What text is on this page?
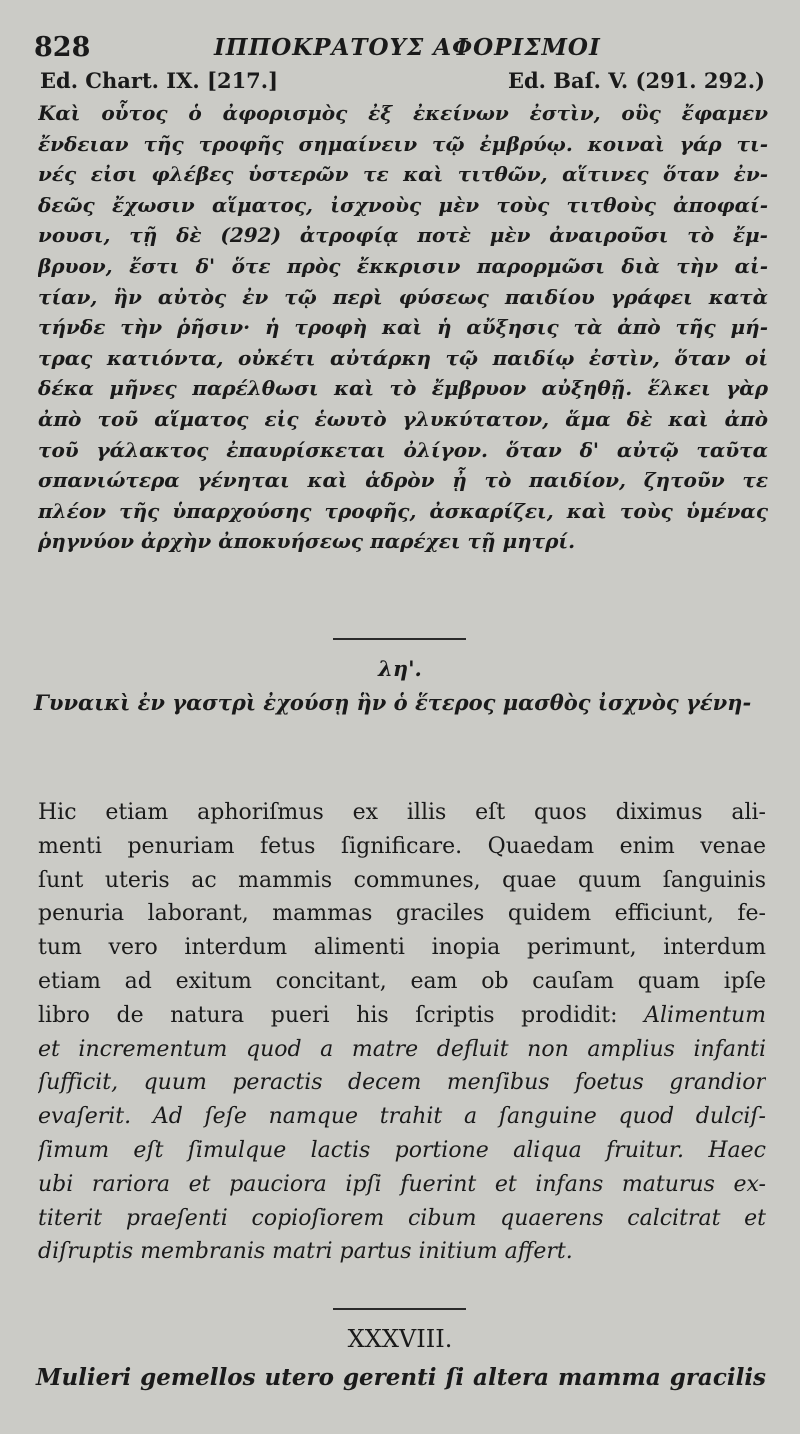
828	ΙΠΠΟΚΡΑΤΟΥΣ ΑΦΟΡΙΣΜΟΙ
Ed. Chart. IX. [217.]	Ed. Baſ. V. (291. 292.)
Καὶ οὗτος ὁ ἀφορισμὸς ἐξ ἐκείνων ἐστὶν, οὓς ἔφαμεν
ἔνδειαν τῆς τροφῆς σημαίνειν τῷ ἐμβρύῳ. κοιναὶ γάρ τι-
νές εἰσι φλέβες ὑστερῶν τε καὶ τιτθῶν, αἵτινες ὅταν ἐν-
δεῶς ἔχωσιν αἵματος, ἰσχνοὺς μὲν τοὺς τιτθοὺς ἀποφαί-
νουσι, τῇ δὲ (292) ἀτροφίᾳ ποτὲ μὲν ἀναιροῦσι τὸ ἔμ-
βρυον, ἔστι δ' ὅτε πρὸς ἔκκρισιν παρορμῶσι διὰ τὴν αἰ-
τίαν, ἣν αὐτὸς ἐν τῷ περὶ φύσεως παιδίου γράφει κατὰ
τήνδε τὴν ῥῆσιν· ἡ τροφὴ καὶ ἡ αὔξησις τὰ ἀπὸ τῆς μή-
τρας κατιόντα, οὐκέτι αὐτάρκη τῷ παιδίῳ ἐστὶν, ὅταν οἱ
δέκα μῆνες παρέλθωσι καὶ τὸ ἔμβρυον αὐξηθῇ. ἕλκει γὰρ
ἀπὸ τοῦ αἵματος εἰς ἑωυτὸ γλυκύτατον, ἅμα δὲ καὶ ἀπὸ
τοῦ γάλακτος ἐπαυρίσκεται ὀλίγον. ὅταν δ' αὐτῷ ταῦτα
σπανιώτερα γένηται καὶ ἁδρὸν ᾖ τὸ παιδίον, ζητοῦν τε
πλέον τῆς ὑπαρχούσης τροφῆς, ἀσκαρίζει, καὶ τοὺς ὑμένας
ῥηγνύον ἀρχὴν ἀποκυήσεως παρέχει τῇ μητρί.
λη'.
Γυναικὶ ἐν γαστρὶ ἐχούσῃ ἣν ὁ ἕτερος μασθὸς ἰσχνὸς γένη-
Hic etiam aphoriſmus ex illis eſt quos diximus ali-
menti penuriam fetus ſignificare. Quaedam enim venae
ſunt uteris ac mammis communes, quae quum ſanguinis
penuria laborant, mammas graciles quidem efficiunt, fe-
tum vero interdum alimenti inopia perimunt, interdum
etiam ad exitum concitant, eam ob cauſam quam ipſe
libro de natura pueri his ſcriptis prodidit: Alimentum
et incrementum quod a matre defluit non amplius infanti
ſufficit, quum peractis decem menſibus foetus grandior
evaſerit. Ad ſeſe namque trahit a ſanguine quod dulciſ-
ſimum eſt ſimulque lactis portione aliqua fruitur. Haec
ubi rariora et pauciora ipſi fuerint et infans maturus ex-
titerit praeſenti copioſiorem cibum quaerens calcitrat et
diſruptis membranis matri partus initium affert.
XXXVIII.
Mulieri gemellos utero gerenti ſi altera mamma gracilis
